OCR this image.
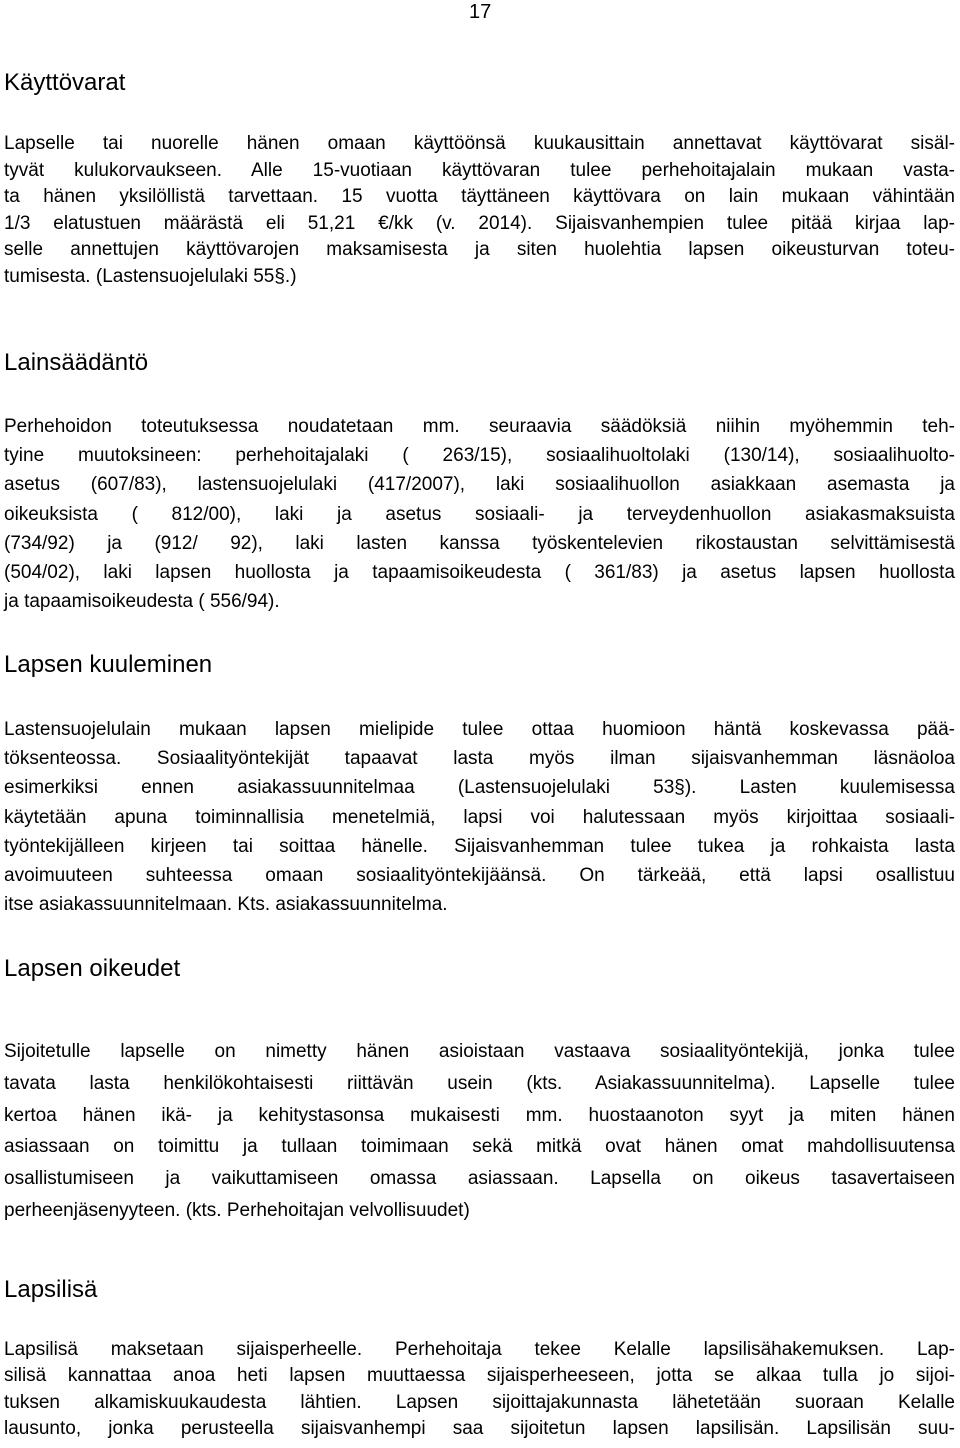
17
Käyttövarat
Lapselle tai nuorelle hänen omaan käyttöönsä kuukausittain annettavat käyttövarat sisäl-
tyvät kulukorvaukseen. Alle 15-vuotiaan käyttövaran tulee perhehoitajalain mukaan vasta-
ta hänen yksilöllistä tarvettaan. 15 vuotta täyttäneen käyttövara on lain mukaan vähintään
1/3 elatustuen määrästä eli 51,21 €/kk (v. 2014). Sijaisvanhempien tulee pitää kirjaa lap-
selle annettujen käyttövarojen maksamisesta ja siten huolehtia lapsen oikeusturvan toteu-
tumisesta. (Lastensuojelulaki 55§.)
Lainsäädäntö
Perhehoidon toteutuksessa noudatetaan mm. seuraavia säädöksiä niihin myöhemmin teh-
tyine muutoksineen: perhehoitajalaki ( 263/15), sosiaalihuoltolaki (130/14), sosiaalihuolto-
asetus (607/83), lastensuojelulaki (417/2007), laki sosiaalihuollon asiakkaan asemasta ja
oikeuksista ( 812/00), laki ja asetus sosiaali- ja terveydenhuollon asiakasmaksuista
(734/92) ja (912/ 92), laki lasten kanssa työskentelevien rikostaustan selvittämisestä
(504/02), laki lapsen huollosta ja tapaamisoikeudesta ( 361/83) ja asetus lapsen huollosta
ja tapaamisoikeudesta ( 556/94).
Lapsen kuuleminen
Lastensuojelulain mukaan lapsen mielipide tulee ottaa huomioon häntä koskevassa pää-
töksenteossa. Sosiaalityöntekijät tapaavat lasta myös ilman sijaisvanhemman läsnäoloa
esimerkiksi ennen asiakassuunnitelmaa (Lastensuojelulaki 53§). Lasten kuulemisessa
käytetään apuna toiminnallisia menetelmiä, lapsi voi halutessaan myös kirjoittaa sosiaali-
työntekijälleen kirjeen tai soittaa hänelle. Sijaisvanhemman tulee tukea ja rohkaista lasta
avoimuuteen suhteessa omaan sosiaalityöntekijäänsä. On tärkeää, että lapsi osallistuu
itse asiakassuunnitelmaan. Kts. asiakassuunnitelma.
Lapsen oikeudet
Sijoitetulle lapselle on nimetty hänen asioistaan vastaava sosiaalityöntekijä, jonka tulee
tavata lasta henkilökohtaisesti riittävän usein (kts. Asiakassuunnitelma). Lapselle tulee
kertoa hänen ikä- ja kehitystasonsa mukaisesti mm. huostaanoton syyt ja miten hänen
asiassaan on toimittu ja tullaan toimimaan sekä mitkä ovat hänen omat mahdollisuutensa
osallistumiseen ja vaikuttamiseen omassa asiassaan. Lapsella on oikeus tasavertaiseen
perheenjäsenyyteen. (kts. Perhehoitajan velvollisuudet)
Lapsilisä
Lapsilisä maksetaan sijaisperheelle. Perhehoitaja tekee Kelalle lapsilisähakemuksen. Lap-
silisä kannattaa anoa heti lapsen muuttaessa sijaisperheeseen, jotta se alkaa tulla jo sijoi-
tuksen alkamiskuukaudesta lähtien. Lapsen sijoittajakunnasta lähetetään suoraan Kelalle
lausunto, jonka perusteella sijaisvanhempi saa sijoitetun lapsen lapsilisän. Lapsilisän suu-
